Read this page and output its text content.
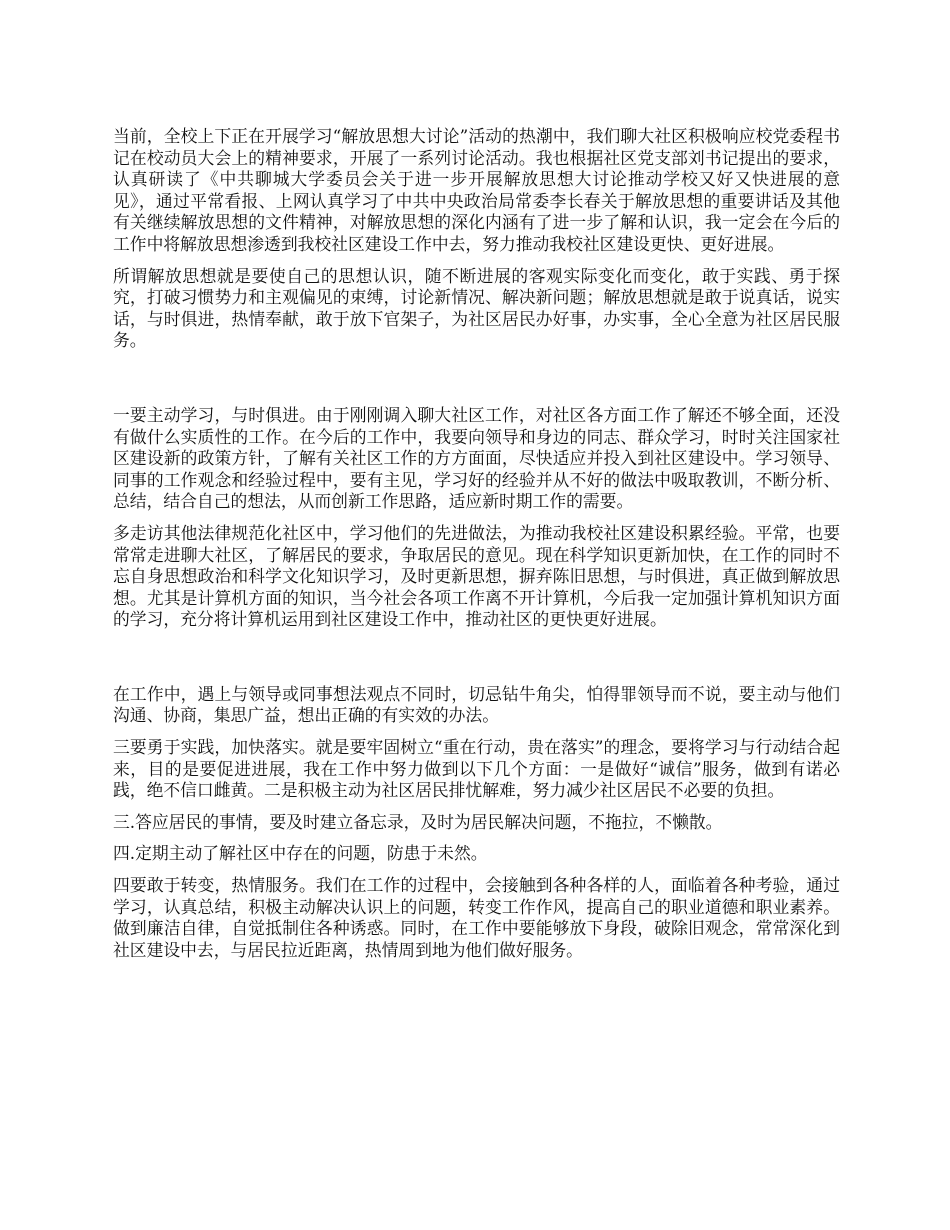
当前，全校上下正在开展学习“解放思想大讨论”活动的热潮中，我们聊大社区积极响应校党委程书记在校动员大会上的精神要求，开展了一系列讨论活动。我也根据社区党支部刘书记提出的要求，认真研读了《中共聊城大学委员会关于进一步开展解放思想大讨论推动学校又好又快进展的意见》，通过平常看报、上网认真学习了中共中央政治局常委李长春关于解放思想的重要讲话及其他有关继续解放思想的文件精神，对解放思想的深化内涵有了进一步了解和认识，我一定会在今后的工作中将解放思想渗透到我校社区建设工作中去，努力推动我校社区建设更快、更好进展。

所谓解放思想就是要使自己的思想认识，随不断进展的客观实际变化而变化，敢于实践、勇于探究，打破习惯势力和主观偏见的束缚，讨论新情况、解决新问题；解放思想就是敢于说真话，说实话，与时俱进，热情奉献，敢于放下官架子，为社区居民办好事，办实事，全心全意为社区居民服务。

一要主动学习，与时俱进。由于刚刚调入聊大社区工作，对社区各方面工作了解还不够全面，还没有做什么实质性的工作。在今后的工作中，我要向领导和身边的同志、群众学习，时时关注国家社区建设新的政策方针，了解有关社区工作的方方面面，尽快适应并投入到社区建设中。学习领导、同事的工作观念和经验过程中，要有主见，学习好的经验并从不好的做法中吸取教训，不断分析、总结，结合自己的想法，从而创新工作思路，适应新时期工作的需要。

多走访其他法律规范化社区中，学习他们的先进做法，为推动我校社区建设积累经验。平常，也要常常走进聊大社区，了解居民的要求，争取居民的意见。现在科学知识更新加快，在工作的同时不忘自身思想政治和科学文化知识学习，及时更新思想，摒弃陈旧思想，与时俱进，真正做到解放思想。尤其是计算机方面的知识，当今社会各项工作离不开计算机，今后我一定加强计算机知识方面的学习，充分将计算机运用到社区建设工作中，推动社区的更快更好进展。

在工作中，遇上与领导或同事想法观点不同时，切忌钻牛角尖，怕得罪领导而不说，要主动与他们沟通、协商，集思广益，想出正确的有实效的办法。

三要勇于实践，加快落实。就是要牢固树立“重在行动，贵在落实”的理念，要将学习与行动结合起来，目的是要促进进展，我在工作中努力做到以下几个方面：一是做好“诚信”服务，做到有诺必践，绝不信口雌黄。二是积极主动为社区居民排忧解难，努力减少社区居民不必要的负担。

三.答应居民的事情，要及时建立备忘录，及时为居民解决问题，不拖拉，不懒散。

四.定期主动了解社区中存在的问题，防患于未然。

四要敢于转变，热情服务。我们在工作的过程中，会接触到各种各样的人，面临着各种考验，通过学习，认真总结，积极主动解决认识上的问题，转变工作作风，提高自己的职业道德和职业素养。做到廉洁自律，自觉抵制住各种诱惑。同时，在工作中要能够放下身段，破除旧观念，常常深化到社区建设中去，与居民拉近距离，热情周到地为他们做好服务。
